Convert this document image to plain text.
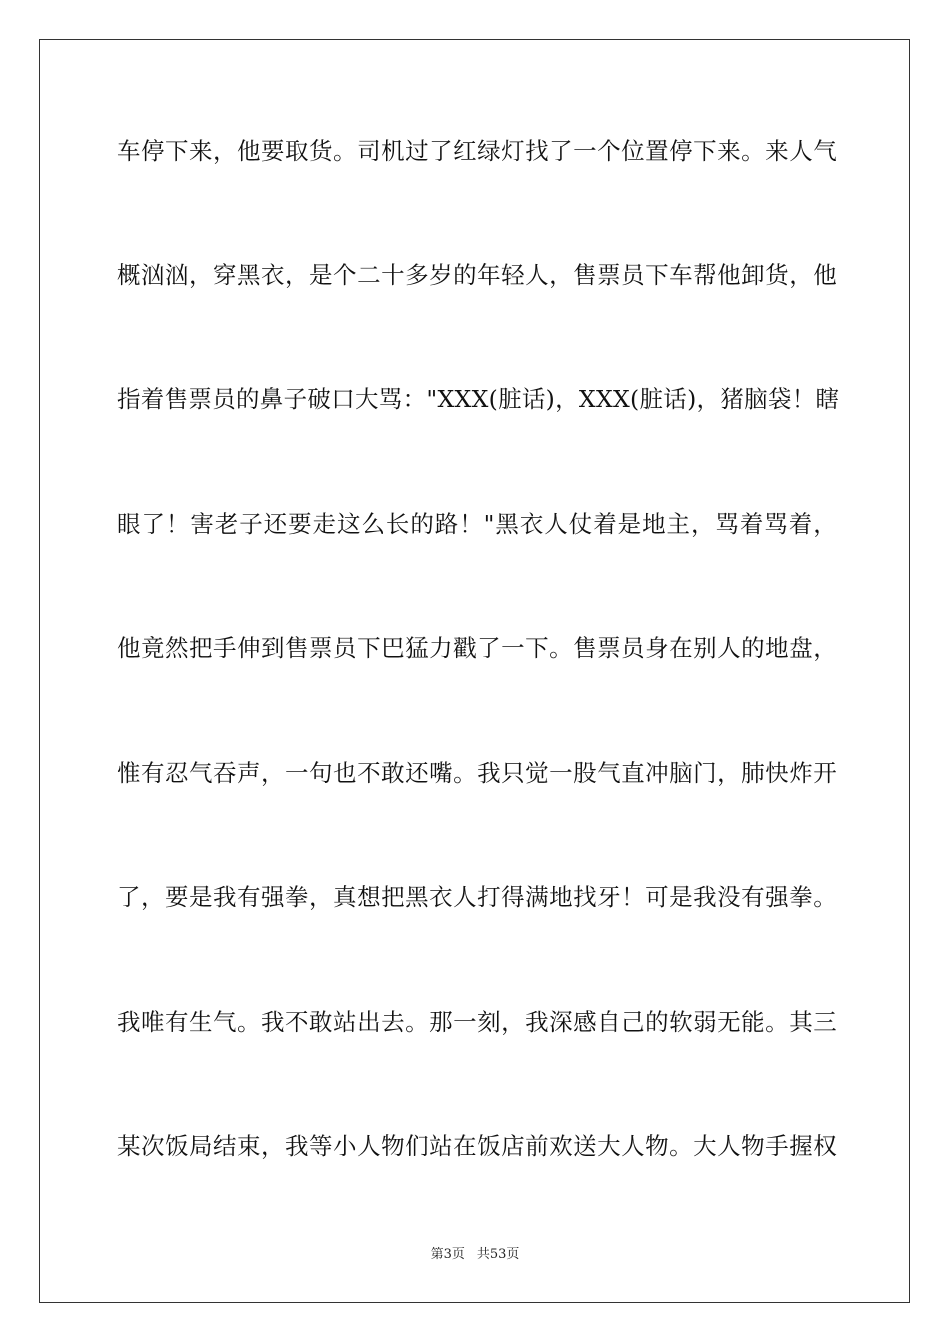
车停下来，他要取货。司机过了红绿灯找了一个位置停下来。来人气
概汹汹，穿黑衣，是个二十多岁的年轻人，售票员下车帮他卸货，他
指着售票员的鼻子破口大骂："XXX(脏话)，XXX(脏话)，猪脑袋！瞎
眼了！害老子还要走这么长的路！"黑衣人仗着是地主，骂着骂着，
他竟然把手伸到售票员下巴猛力戳了一下。售票员身在别人的地盘，
惟有忍气吞声，一句也不敢还嘴。我只觉一股气直冲脑门，肺快炸开
了，要是我有强拳，真想把黑衣人打得满地找牙！可是我没有强拳。
我唯有生气。我不敢站出去。那一刻，我深感自己的软弱无能。其三
某次饭局结束，我等小人物们站在饭店前欢送大人物。大人物手握权
第3页 共53页
